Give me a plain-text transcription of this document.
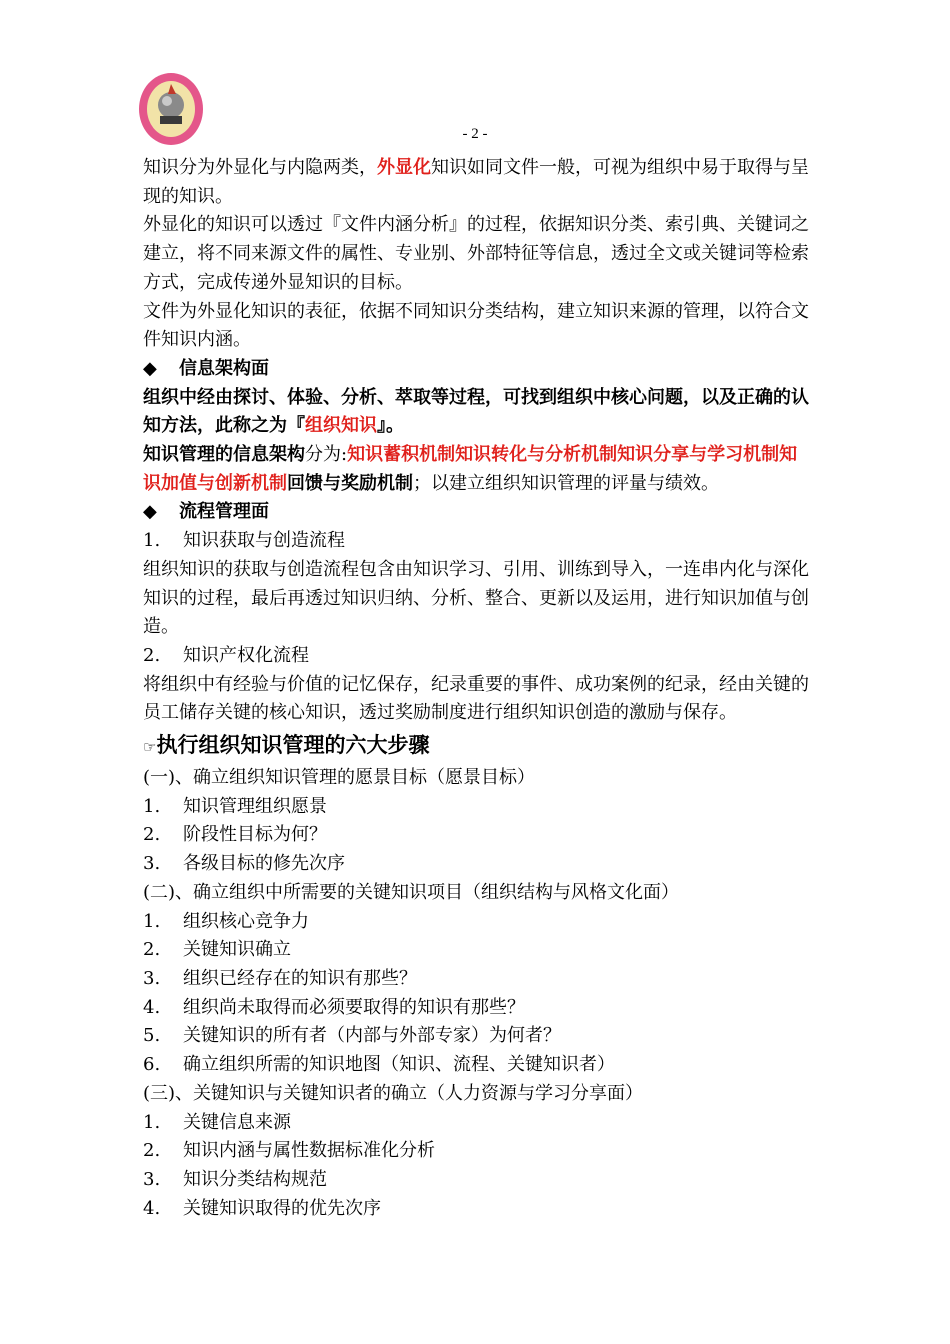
- 2 -

知识分为外显化与内隐两类，外显化知识如同文件一般，可视为组织中易于取得与呈现的知识。

外显化的知识可以透过『文件内涵分析』的过程，依据知识分类、索引典、关键词之建立，将不同来源文件的属性、专业别、外部特征等信息，透过全文或关键词等检索方式，完成传递外显知识的目标。

文件为外显化知识的表征，依据不同知识分类结构，建立知识来源的管理，以符合文件知识内涵。

◆ 信息架构面

组织中经由探讨、体验、分析、萃取等过程，可找到组织中核心问题，以及正确的认知方法，此称之为『组织知识』。

知识管理的信息架构分为:知识蓄积机制知识转化与分析机制知识分享与学习机制知识加值与创新机制回馈与奖励机制；以建立组织知识管理的评量与绩效。

◆ 流程管理面
1. 知识获取与创造流程

组织知识的获取与创造流程包含由知识学习、引用、训练到导入，一连串内化与深化知识的过程，最后再透过知识归纳、分析、整合、更新以及运用，进行知识加值与创造。

2. 知识产权化流程

将组织中有经验与价值的记忆保存，纪录重要的事件、成功案例的纪录，经由关键的员工储存关键的核心知识，透过奖励制度进行组织知识创造的激励与保存。

☞执行组织知识管理的六大步骤
(一)、确立组织知识管理的愿景目标（愿景目标）
1. 知识管理组织愿景
2. 阶段性目标为何？
3. 各级目标的修先次序
(二)、确立组织中所需要的关键知识项目（组织结构与风格文化面）
1. 组织核心竞争力
2. 关键知识确立
3. 组织已经存在的知识有那些？
4. 组织尚未取得而必须要取得的知识有那些？
5. 关键知识的所有者（内部与外部专家）为何者？
6. 确立组织所需的知识地图（知识、流程、关键知识者）
(三)、关键知识与关键知识者的确立（人力资源与学习分享面）
1. 关键信息来源
2. 知识内涵与属性数据标准化分析
3. 知识分类结构规范
4. 关键知识取得的优先次序
